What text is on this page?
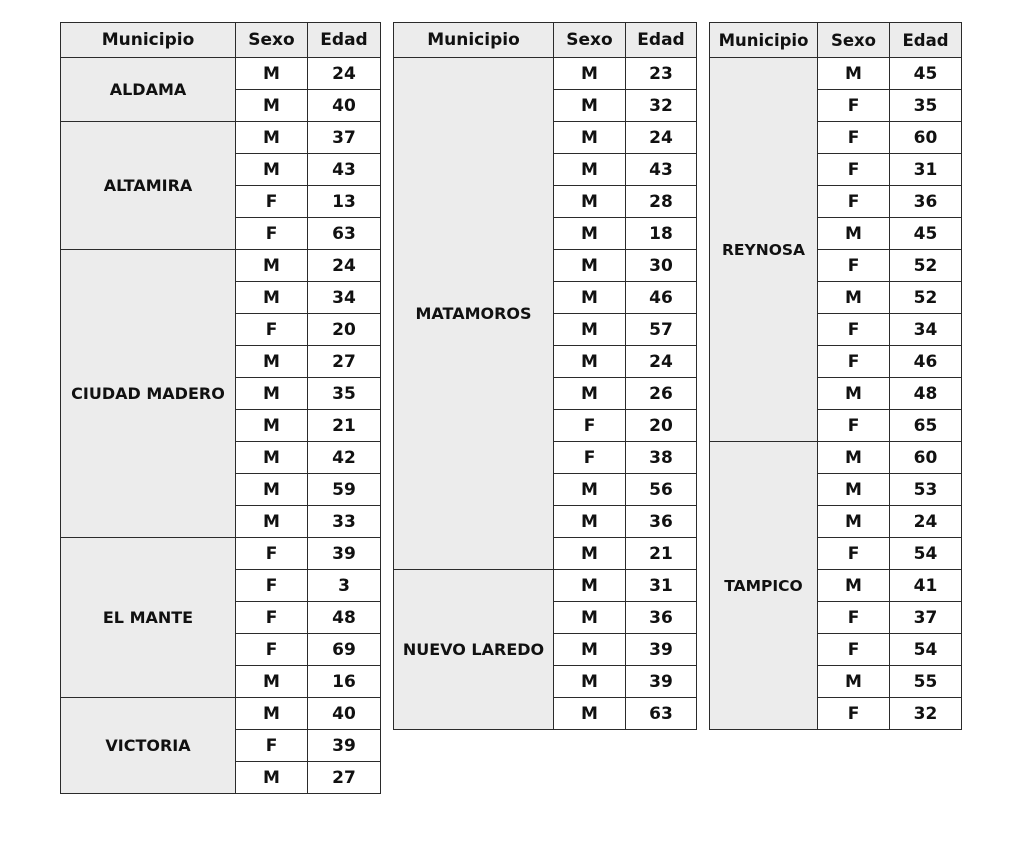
Municipio	Sexo	Edad
ALDAMA	M	24
	M	40
ALTAMIRA	M	37
	M	43
	F	13
	F	63
CIUDAD MADERO	M	24
	M	34
	F	20
	M	27
	M	35
	M	21
	M	42
	M	59
	M	33
EL MANTE	F	39
	F	3
	F	48
	F	69
	M	16
VICTORIA	M	40
	F	39
	M	27
Municipio	Sexo	Edad
MATAMOROS	M	23
	M	32
	M	24
	M	43
	M	28
	M	18
	M	30
	M	46
	M	57
	M	24
	M	26
	F	20
	F	38
	M	56
	M	36
	M	21
NUEVO LAREDO	M	31
	M	36
	M	39
	M	39
	M	63
Municipio	Sexo	Edad
REYNOSA	M	45
	F	35
	F	60
	F	31
	F	36
	M	45
	F	52
	M	52
	F	34
	F	46
	M	48
	F	65
TAMPICO	M	60
	M	53
	M	24
	F	54
	M	41
	F	37
	F	54
	M	55
	F	32
